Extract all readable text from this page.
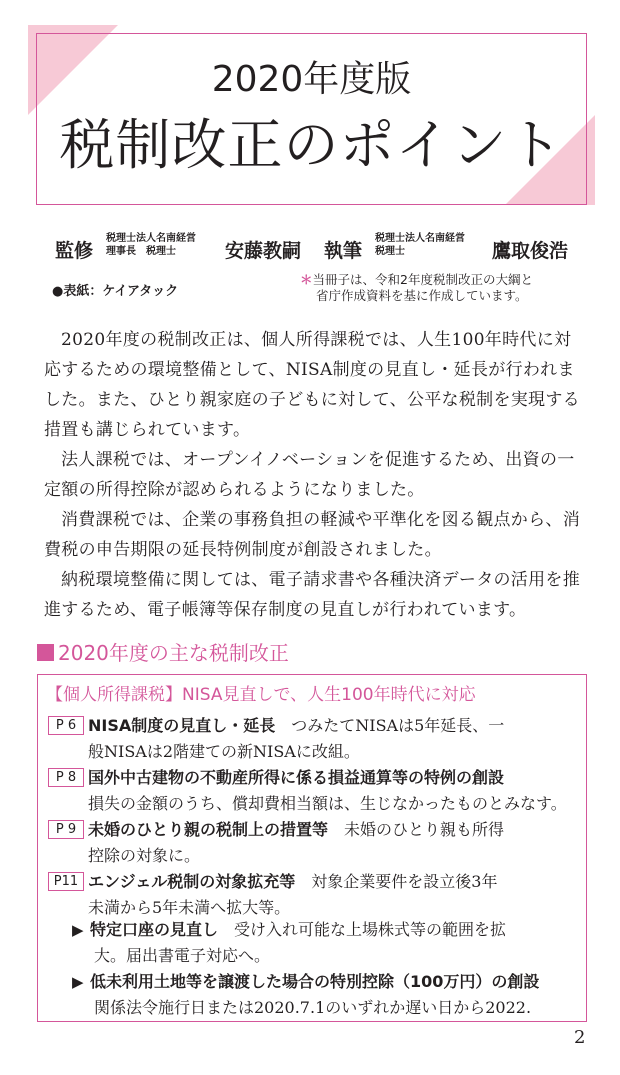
2020年度版
税制改正のポイント
監修
税理士法人名南経営
理事長　税理士	安藤教嗣 執筆
税理士法人名南経営
税理士	鷹取俊浩
●表紙：ケイアタック
＊当冊子は、令和2年度税制改正の大綱と
省庁作成資料を基に作成しています。

2020年度の税制改正は、個人所得課税では、人生100年時代に対応するための環境整備として、NISA制度の見直し・延長が行われました。また、ひとり親家庭の子どもに対して、公平な税制を実現する措置も講じられています。

法人課税では、オープンイノベーションを促進するため、出資の一定額の所得控除が認められるようになりました。

消費課税では、企業の事務負担の軽減や平準化を図る観点から、消費税の申告期限の延長特例制度が創設されました。

納税環境整備に関しては、電子請求書や各種決済データの活用を推進するため、電子帳簿等保存制度の見直しが行われています。

2020年度の主な税制改正
【個人所得課税】NISA見直しで、人生100年時代に対応
P 6 NISA制度の見直し・延長　つみたてNISAは5年延長、一
般NISAは2階建ての新NISAに改組。
P 8 国外中古建物の不動産所得に係る損益通算等の特例の創設
損失の金額のうち、償却費相当額は、生じなかったものとみなす。
P 9 未婚のひとり親の税制上の措置等　未婚のひとり親も所得
控除の対象に。
P11 エンジェル税制の対象拡充等　対象企業要件を設立後3年
未満から5年未満へ拡大等。
▶ 特定口座の見直し　受け入れ可能な上場株式等の範囲を拡
大。届出書電子対応へ。
▶ 低未利用土地等を譲渡した場合の特別控除（100万円）の創設
関係法令施行日または2020.7.1のいずれか遅い日から2022.
2
